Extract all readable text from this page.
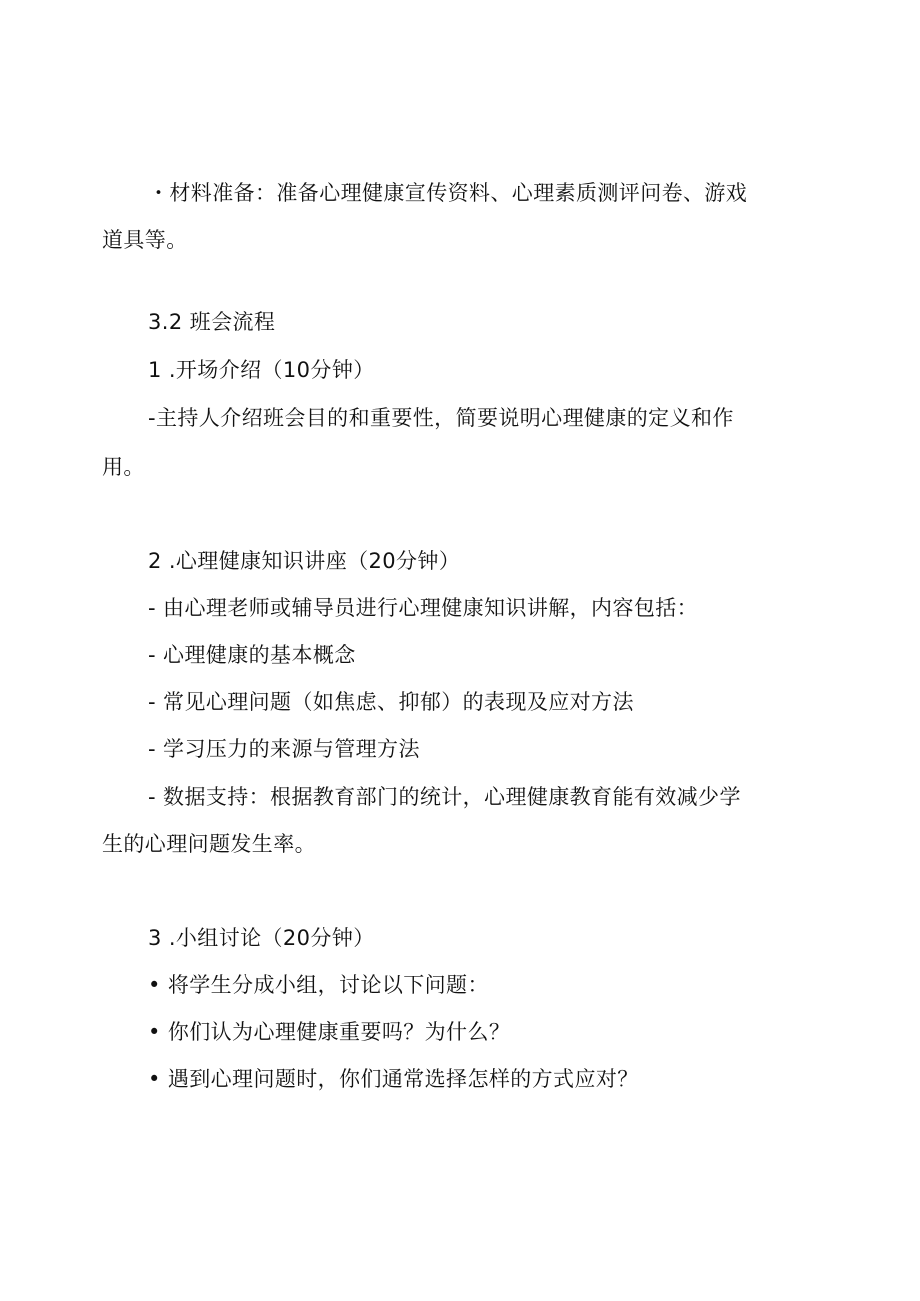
・材料准备：准备心理健康宣传资料、心理素质测评问卷、游戏
道具等。
3.2 班会流程
1 .开场介绍（10分钟）
-主持人介绍班会目的和重要性，简要说明心理健康的定义和作
用。
2 .心理健康知识讲座（20分钟）
- 由心理老师或辅导员进行心理健康知识讲解，内容包括：
- 心理健康的基本概念
- 常见心理问题（如焦虑、抑郁）的表现及应对方法
- 学习压力的来源与管理方法
- 数据支持：根据教育部门的统计，心理健康教育能有效减少学
生的心理问题发生率。
3 .小组讨论（20分钟）
• 将学生分成小组，讨论以下问题：
• 你们认为心理健康重要吗？为什么？
• 遇到心理问题时，你们通常选择怎样的方式应对？
